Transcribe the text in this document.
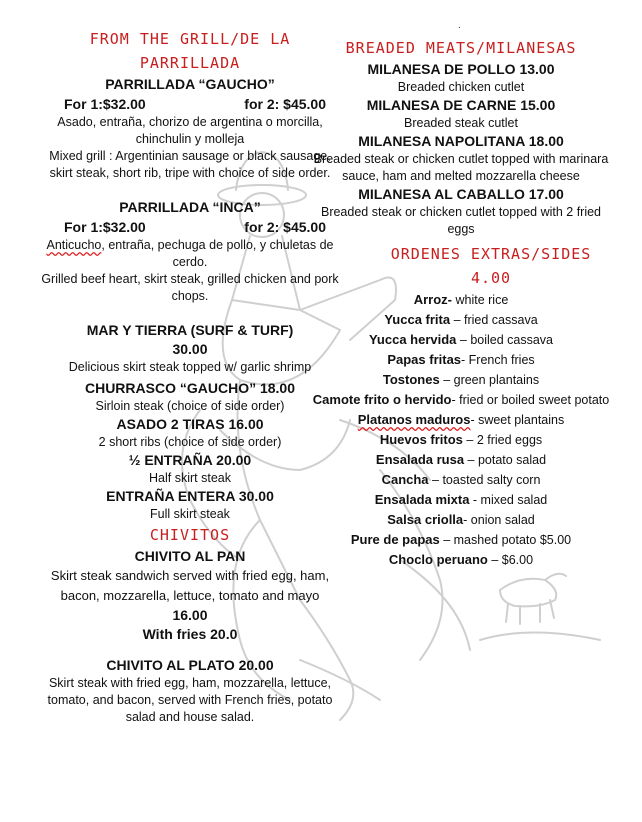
.
FROM THE GRILL/DE LA
PARRILLADA
PARRILLADA “GAUCHO”
For 1:$32.00	for 2: $45.00
Asado, entraña, chorizo de argentina o morcilla, chinchulin y molleja
Mixed grill : Argentinian sausage or black sausage, skirt steak, short rib, tripe with choice of side order.
PARRILLADA “INCA”
For 1:$32.00	for 2: $45.00
Anticucho, entraña, pechuga de pollo, y chuletas de cerdo.
Grilled beef heart, skirt steak, grilled chicken and pork chops.
MAR Y TIERRA (SURF & TURF)
30.00
Delicious skirt steak topped w/ garlic shrimp
CHURRASCO “GAUCHO” 18.00
Sirloin steak (choice of side order)
ASADO 2 TIRAS 16.00
2 short ribs (choice of side order)
½ ENTRAÑA 20.00
Half skirt steak
ENTRAÑA ENTERA 30.00
Full skirt steak
CHIVITOS
CHIVITO AL PAN
Skirt steak sandwich served with fried egg, ham, bacon, mozzarella, lettuce, tomato and mayo
16.00
With fries 20.0
CHIVITO AL PLATO 20.00
Skirt steak with fried egg, ham, mozzarella, lettuce, tomato, and bacon, served with French fries, potato salad and house salad.
BREADED MEATS/MILANESAS
MILANESA DE POLLO 13.00
Breaded chicken cutlet
MILANESA DE CARNE 15.00
Breaded steak cutlet
MILANESA NAPOLITANA 18.00
Breaded steak or chicken cutlet topped with marinara sauce, ham and melted mozzarella cheese
MILANESA AL CABALLO 17.00
Breaded steak or chicken cutlet topped with 2 fried eggs
ORDENES EXTRAS/SIDES
4.00
Arroz- white rice
Yucca frita – fried cassava
Yucca hervida – boiled cassava
Papas fritas- French fries
Tostones – green plantains
Camote frito o hervido- fried or boiled sweet potato
Platanos maduros- sweet plantains
Huevos fritos – 2 fried eggs
Ensalada rusa – potato salad
Cancha – toasted salty corn
Ensalada mixta - mixed salad
Salsa criolla- onion salad
Pure de papas – mashed potato $5.00
Choclo peruano – $6.00
